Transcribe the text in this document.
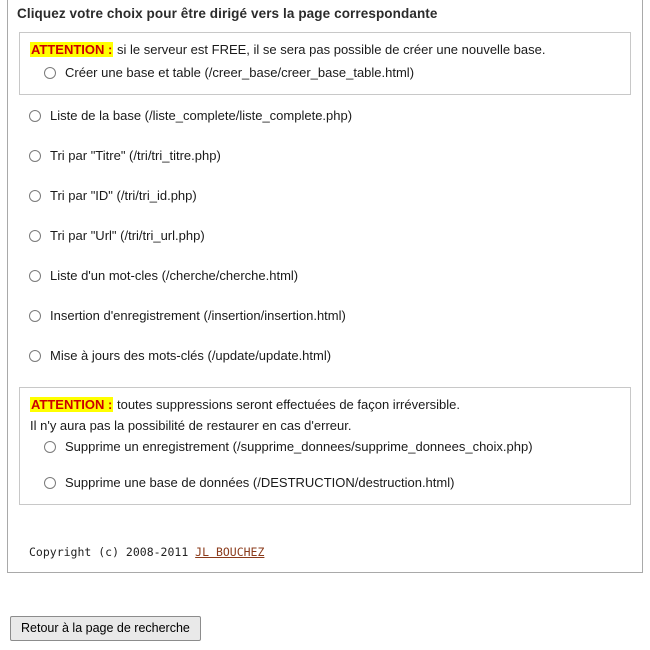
Cliquez votre choix pour être dirigé vers la page correspondante
ATTENTION : si le serveur est FREE, il se sera pas possible de créer une nouvelle base.
Créer une base et table (/creer_base/creer_base_table.html)
Liste de la base (/liste_complete/liste_complete.php)
Tri par "Titre" (/tri/tri_titre.php)
Tri par "ID" (/tri/tri_id.php)
Tri par "Url" (/tri/tri_url.php)
Liste d'un mot-cles (/cherche/cherche.html)
Insertion d'enregistrement (/insertion/insertion.html)
Mise à jours des mots-clés (/update/update.html)
ATTENTION : toutes suppressions seront effectuées de façon irréversible.
Il n'y aura pas la possibilité de restaurer en cas d'erreur.
Supprime un enregistrement (/supprime_donnees/supprime_donnees_choix.php)
Supprime une base de données (/DESTRUCTION/destruction.html)
Copyright (c) 2008-2011 JL BOUCHEZ
Retour à la page de recherche
